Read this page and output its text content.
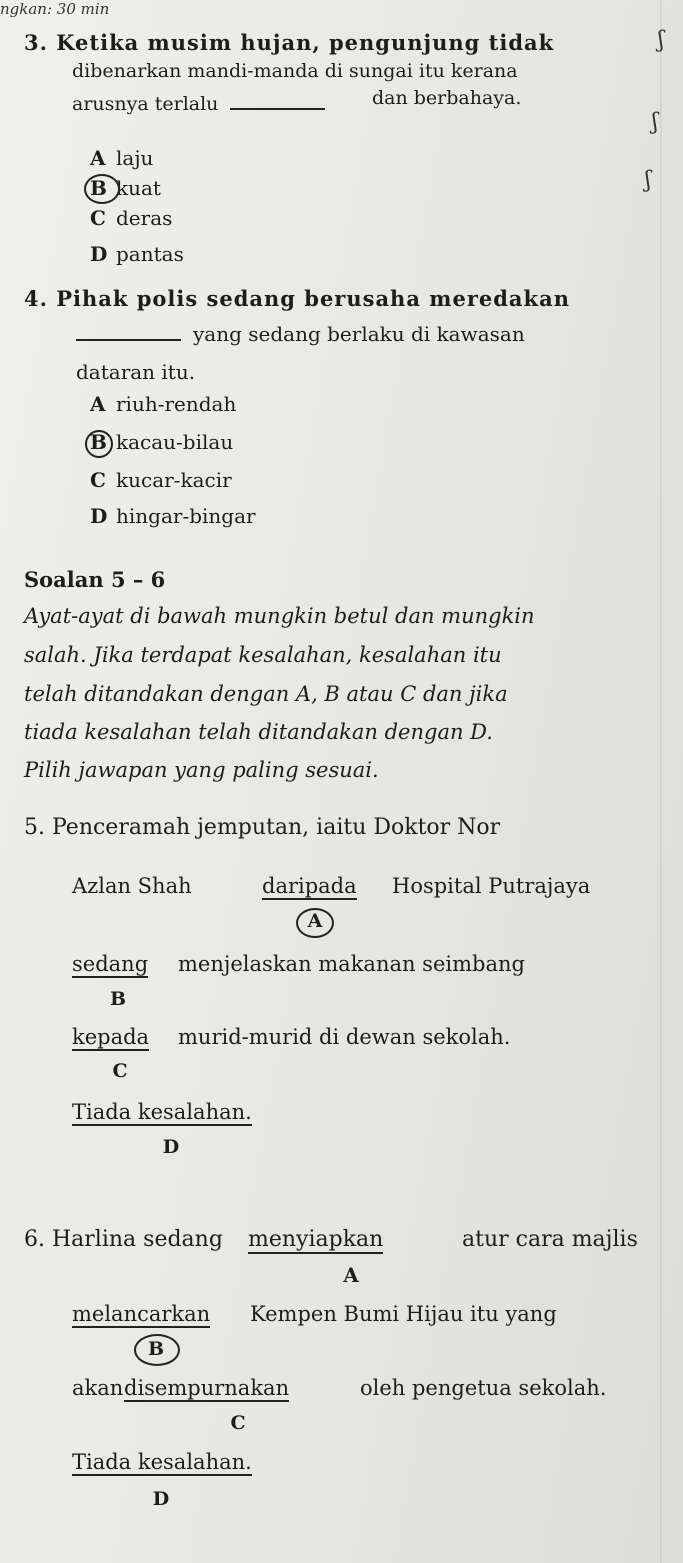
ngkan: 30 min
3. Ketika musim hujan, pengunjung tidak
dibenarkan mandi-manda di sungai itu kerana
arusnya terlalu	dan berbahaya.
A laju
B kuat
C deras
D pantas
ʃ
ʃ
ʃ
4. Pihak polis sedang berusaha meredakan
yang sedang berlaku di kawasan
dataran itu.
A riuh-rendah
B kacau-bilau
C kucar-kacir
D hingar-bingar
Soalan 5 – 6
Ayat-ayat di bawah mungkin betul dan mungkin
salah. Jika terdapat kesalahan, kesalahan itu
telah ditandakan dengan A, B atau C dan jika
tiada kesalahan telah ditandakan dengan D.
Pilih jawapan yang paling sesuai.
5. Penceramah jemputan, iaitu Doktor Nor
Azlan Shah	daripada Hospital Putrajaya
A
sedang menjelaskan makanan seimbang
B
kepada murid-murid di dewan sekolah.
C
Tiada kesalahan.
D
6. Harlina sedang menyiapkan	atur cara majlis
A
melancarkan Kempen Bumi Hijau itu yang
B
akan disempurnakan	oleh pengetua sekolah.
C
Tiada kesalahan.
D
